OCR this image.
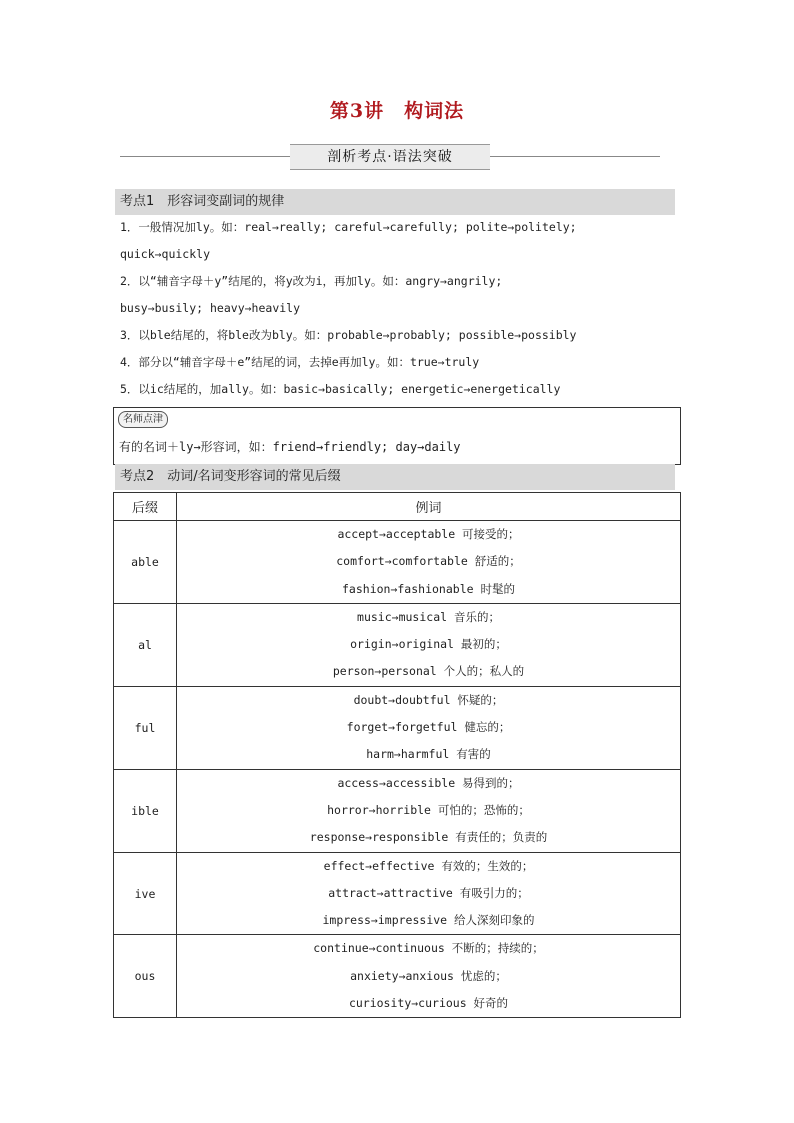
第3讲　构词法
剖析考点·语法突破
考点1　形容词变副词的规律
1．一般情况加ly。如：real→really; careful→carefully; polite→politely;
quick→quickly
2．以“辅音字母＋y”结尾的，将y改为i，再加ly。如：angry→angrily;
busy→busily; heavy→heavily
3．以ble结尾的，将ble改为bly。如：probable→probably; possible→possibly
4．部分以“辅音字母＋e”结尾的词，去掉e再加ly。如：true→truly
5．以ic结尾的，加ally。如：basic→basically; energetic→energetically
名师点津
有的名词＋ly→形容词，如：friend→friendly; day→daily
考点2　动词/名词变形容词的常见后缀
后缀	例词
able	accept→acceptable 可接受的；
comfort→comfortable 舒适的；
fashion→fashionable 时髦的

al	music→musical 音乐的；
origin→original 最初的；
person→personal 个人的；私人的

ful	doubt→doubtful 怀疑的；
forget→forgetful 健忘的；
harm→harmful 有害的

ible	access→accessible 易得到的；
horror→horrible 可怕的；恐怖的；
response→responsible 有责任的；负责的

ive	effect→effective 有效的；生效的；
attract→attractive 有吸引力的；
impress→impressive 给人深刻印象的

ous	continue→continuous 不断的；持续的；
anxiety→anxious 忧虑的；
curiosity→curious 好奇的
